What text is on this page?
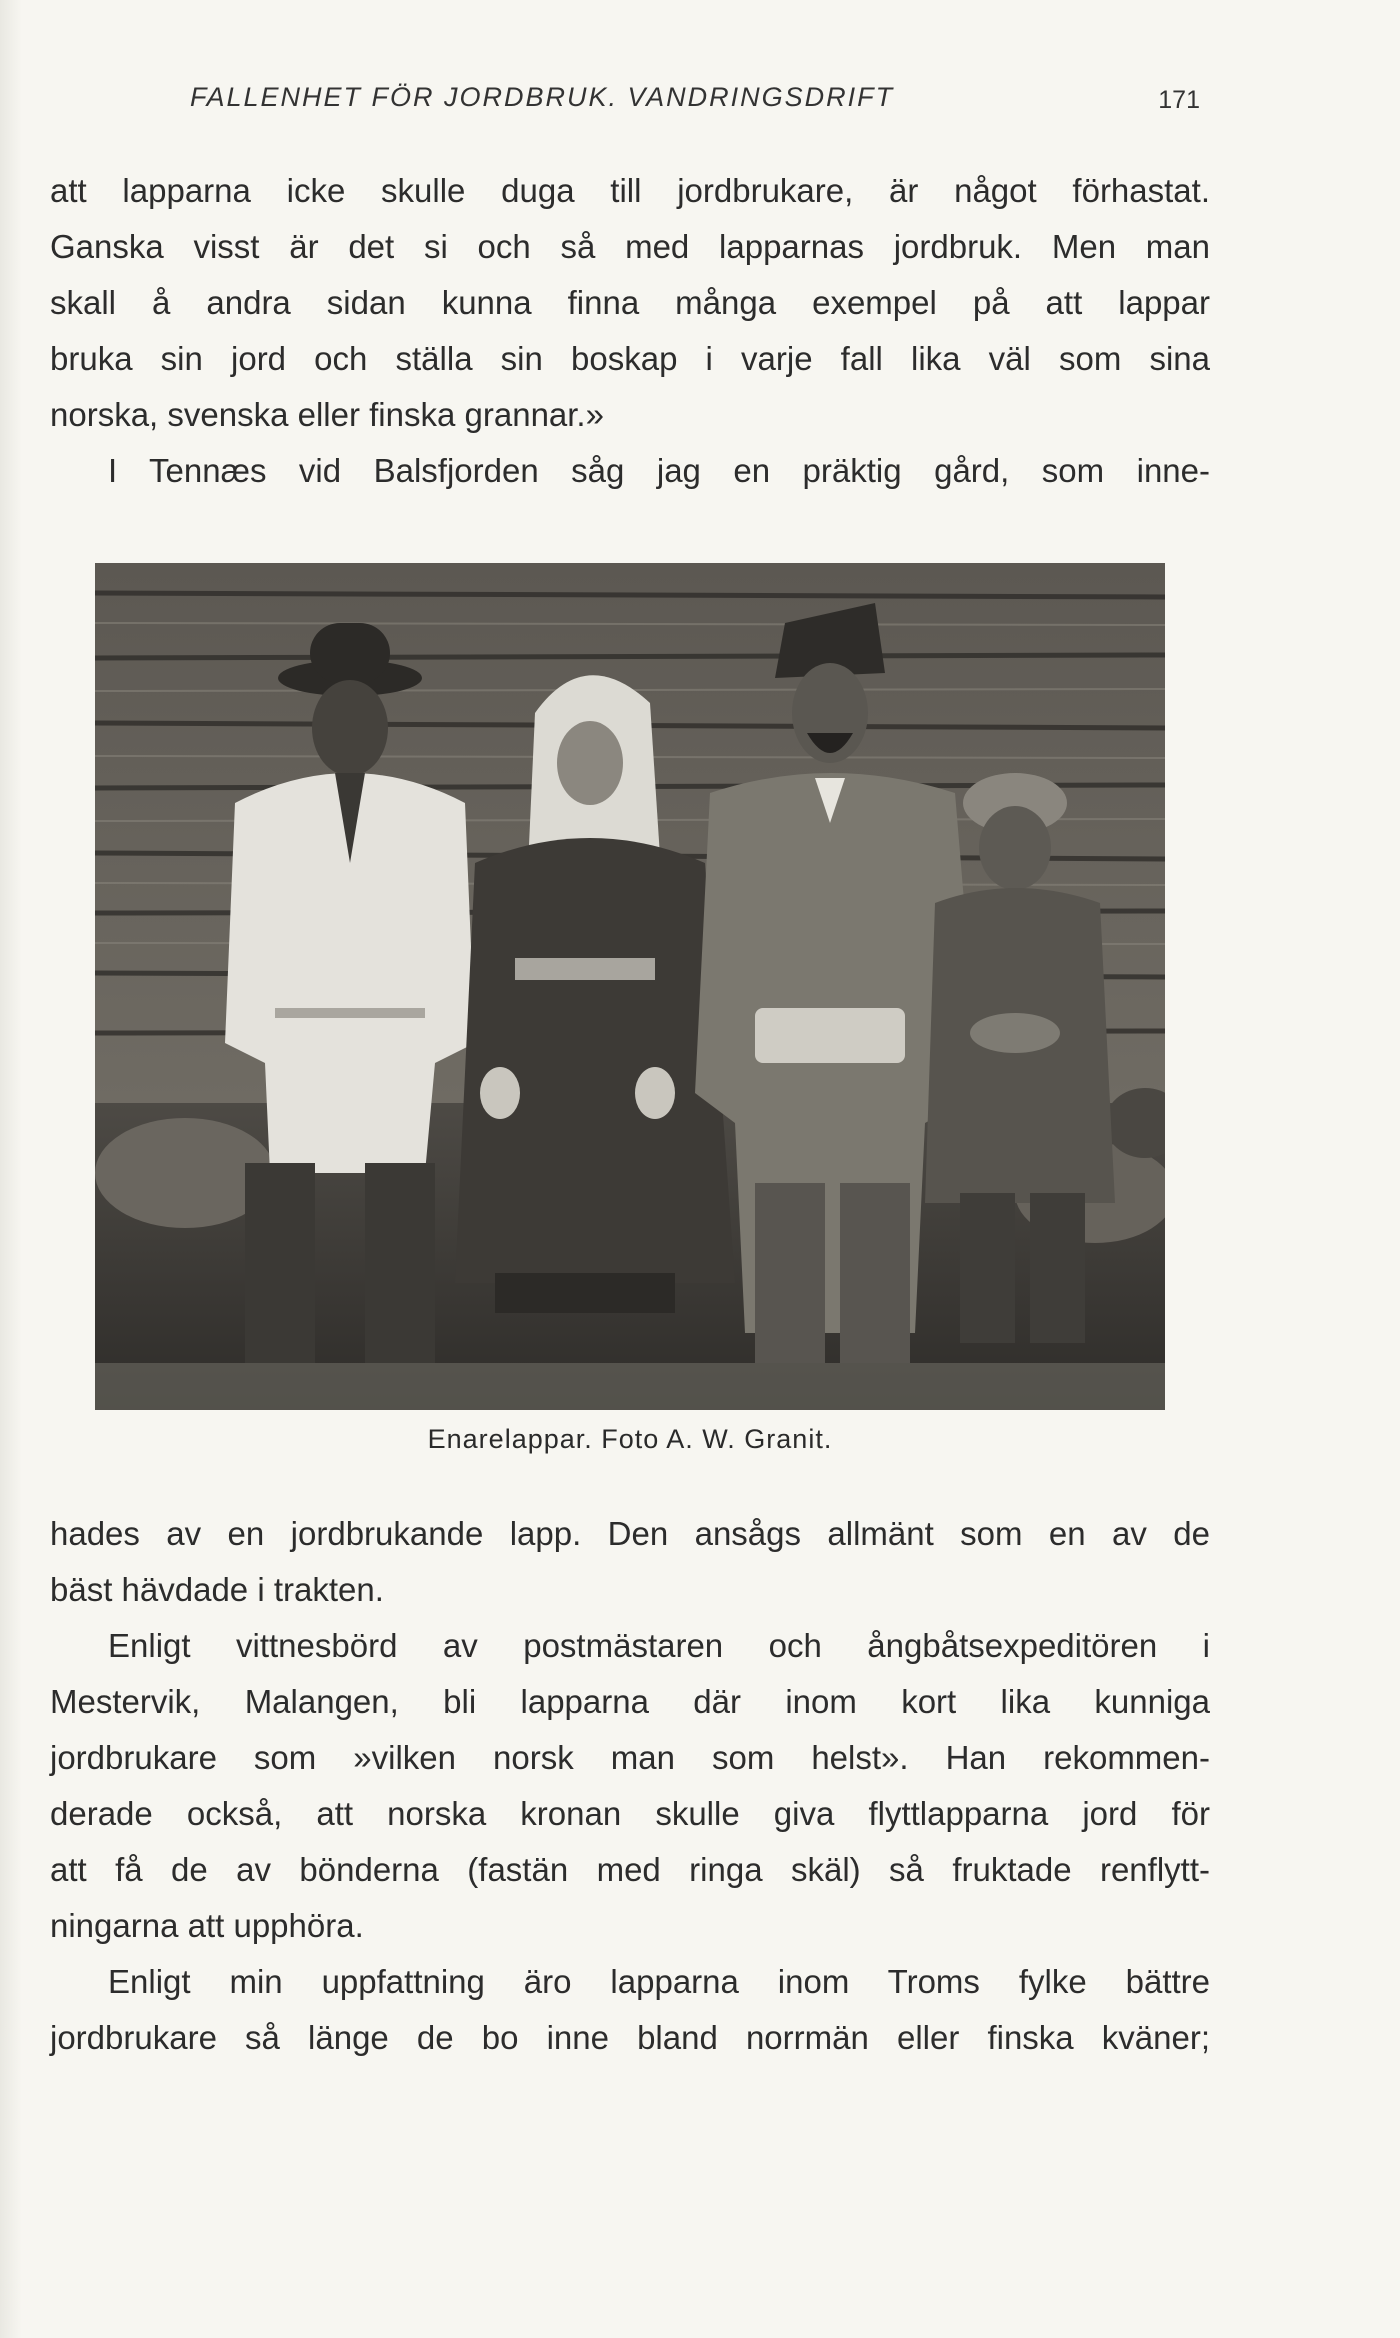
FALLENHET FÖR JORDBRUK. VANDRINGSDRIFT	171
att lapparna icke skulle duga till jordbrukare, är något förhastat.
Ganska visst är det si och så med lapparnas jordbruk. Men man
skall å andra sidan kunna finna många exempel på att lappar
bruka sin jord och ställa sin boskap i varje fall lika väl som sina
norska, svenska eller finska grannar.»
I Tennæs vid Balsfjorden såg jag en präktig gård, som inne-
Enarelappar. Foto A. W. Granit.
hades av en jordbrukande lapp. Den ansågs allmänt som en av de
bäst hävdade i trakten.
Enligt vittnesbörd av postmästaren och ångbåtsexpeditören i
Mestervik, Malangen, bli lapparna där inom kort lika kunniga
jordbrukare som »vilken norsk man som helst». Han rekommen-
derade också, att norska kronan skulle giva flyttlapparna jord för
att få de av bönderna (fastän med ringa skäl) så fruktade renflytt-
ningarna att upphöra.
Enligt min uppfattning äro lapparna inom Troms fylke bättre
jordbrukare så länge de bo inne bland norrmän eller finska kväner;
